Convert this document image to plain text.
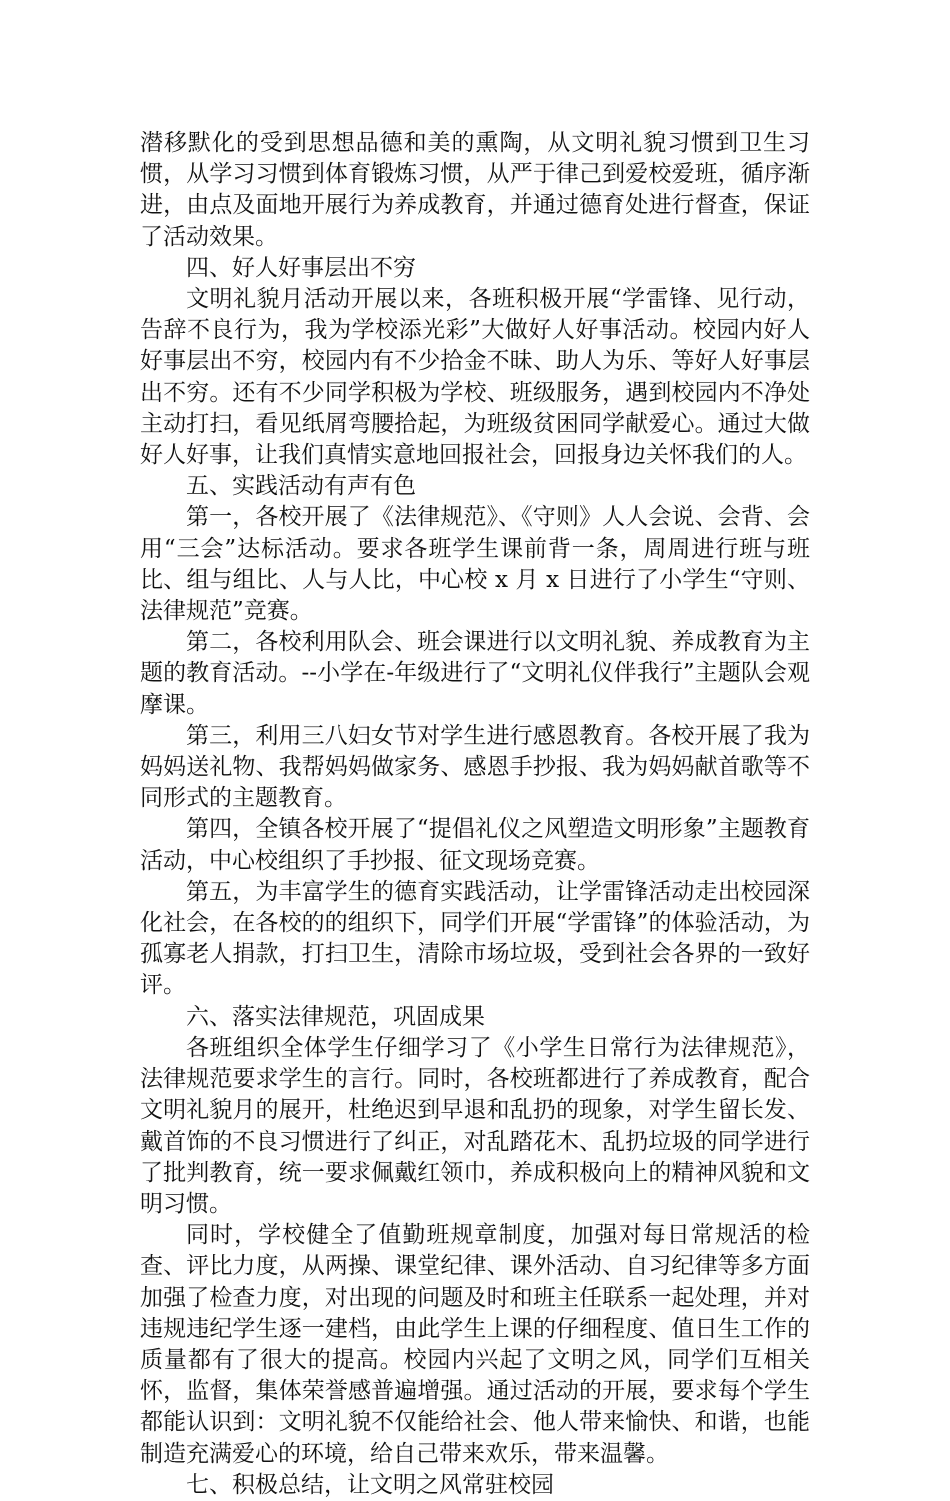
潜移默化的受到思想品德和美的熏陶，从文明礼貌习惯到卫生习惯，从学习习惯到体育锻炼习惯，从严于律己到爱校爱班，循序渐进，由点及面地开展行为养成教育，并通过德育处进行督查，保证了活动效果。

四、好人好事层出不穷

文明礼貌月活动开展以来，各班积极开展“学雷锋、见行动，告辞不良行为，我为学校添光彩”大做好人好事活动。校园内好人好事层出不穷，校园内有不少拾金不昧、助人为乐、等好人好事层出不穷。还有不少同学积极为学校、班级服务，遇到校园内不净处主动打扫，看见纸屑弯腰拾起，为班级贫困同学献爱心。通过大做好人好事，让我们真情实意地回报社会，回报身边关怀我们的人。

五、实践活动有声有色

第一，各校开展了《法律规范》、《守则》人人会说、会背、会用“三会”达标活动。要求各班学生课前背一条，周周进行班与班比、组与组比、人与人比，中心校 x 月 x 日进行了小学生“守则、法律规范”竞赛。

第二，各校利用队会、班会课进行以文明礼貌、养成教育为主题的教育活动。--小学在-年级进行了“文明礼仪伴我行”主题队会观摩课。

第三，利用三八妇女节对学生进行感恩教育。各校开展了我为妈妈送礼物、我帮妈妈做家务、感恩手抄报、我为妈妈献首歌等不同形式的主题教育。

第四，全镇各校开展了“提倡礼仪之风塑造文明形象”主题教育活动，中心校组织了手抄报、征文现场竞赛。

第五，为丰富学生的德育实践活动，让学雷锋活动走出校园深化社会，在各校的的组织下，同学们开展“学雷锋”的体验活动，为孤寡老人捐款，打扫卫生，清除市场垃圾，受到社会各界的一致好评。

六、落实法律规范，巩固成果

各班组织全体学生仔细学习了《小学生日常行为法律规范》，法律规范要求学生的言行。同时，各校班都进行了养成教育，配合文明礼貌月的展开，杜绝迟到早退和乱扔的现象，对学生留长发、戴首饰的不良习惯进行了纠正，对乱踏花木、乱扔垃圾的同学进行了批判教育，统一要求佩戴红领巾，养成积极向上的精神风貌和文明习惯。

同时，学校健全了值勤班规章制度，加强对每日常规活的检查、评比力度，从两操、课堂纪律、课外活动、自习纪律等多方面加强了检查力度，对出现的问题及时和班主任联系一起处理，并对违规违纪学生逐一建档，由此学生上课的仔细程度、值日生工作的质量都有了很大的提高。校园内兴起了文明之风，同学们互相关怀，监督，集体荣誉感普遍增强。通过活动的开展，要求每个学生都能认识到：文明礼貌不仅能给社会、他人带来愉快、和谐，也能制造充满爱心的环境，给自己带来欢乐，带来温馨。

七、积极总结，让文明之风常驻校园
